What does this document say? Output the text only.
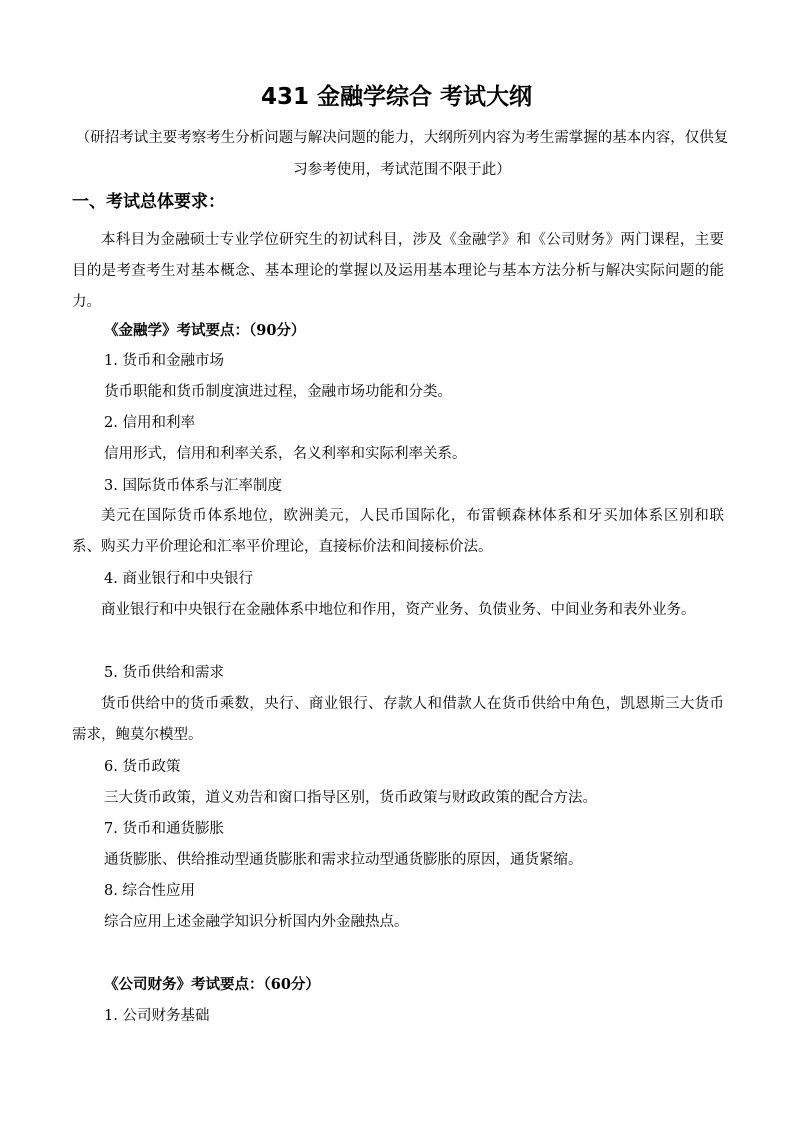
431 金融学综合 考试大纲
（研招考试主要考察考生分析问题与解决问题的能力，大纲所列内容为考生需掌握的基本内容，仅供复习参考使用，考试范围不限于此）
一、考试总体要求：
本科目为金融硕士专业学位研究生的初试科目，涉及《金融学》和《公司财务》两门课程，主要目的是考查考生对基本概念、基本理论的掌握以及运用基本理论与基本方法分析与解决实际问题的能力。
《金融学》考试要点：（90分）
1. 货币和金融市场
货币职能和货币制度演进过程，金融市场功能和分类。
2. 信用和利率
信用形式，信用和利率关系，名义利率和实际利率关系。
3. 国际货币体系与汇率制度
美元在国际货币体系地位，欧洲美元，人民币国际化，布雷顿森林体系和牙买加体系区别和联系、购买力平价理论和汇率平价理论，直接标价法和间接标价法。
4. 商业银行和中央银行
商业银行和中央银行在金融体系中地位和作用，资产业务、负债业务、中间业务和表外业务。
5. 货币供给和需求
货币供给中的货币乘数，央行、商业银行、存款人和借款人在货币供给中角色，凯恩斯三大货币需求，鲍莫尔模型。
6. 货币政策
三大货币政策，道义劝告和窗口指导区别，货币政策与财政政策的配合方法。
7. 货币和通货膨胀
通货膨胀、供给推动型通货膨胀和需求拉动型通货膨胀的原因，通货紧缩。
8. 综合性应用
综合应用上述金融学知识分析国内外金融热点。
《公司财务》考试要点：（60分）
1. 公司财务基础
